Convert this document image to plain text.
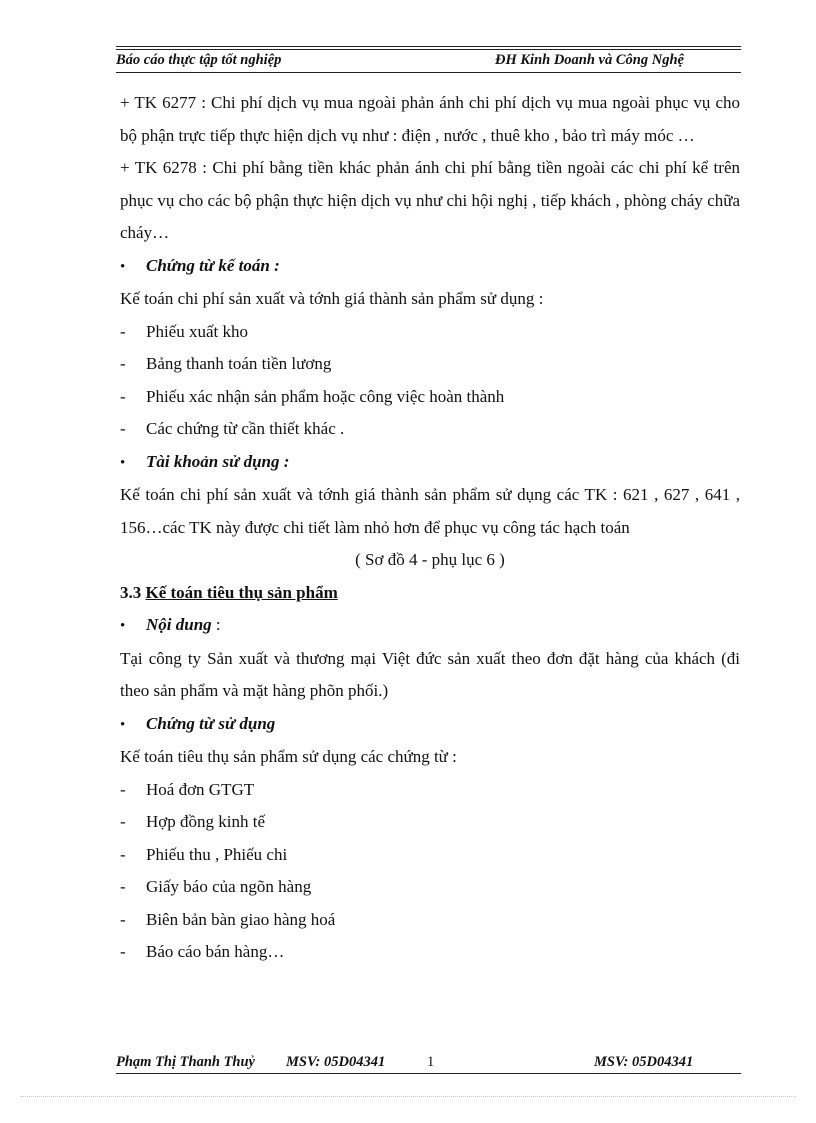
Báo cáo thực tập tốt nghiệp	ĐH Kinh Doanh và Công Nghệ

+ TK 6277 : Chi phí dịch vụ mua ngoài phản ánh chi phí dịch vụ mua ngoài phục vụ cho bộ phận trực tiếp thực hiện dịch vụ như : điện , nước , thuê kho , bảo trì máy móc …

+ TK 6278 : Chi phí bằng tiền khác phản ánh chi phí bằng tiền ngoài các chi phí kể trên phục vụ cho các bộ phận thực hiện dịch vụ như chi hội nghị , tiếp khách , phòng cháy chữa cháy…

•	Chứng từ kế toán :

Kế toán chi phí sản xuất và tớnh giá thành sản phẩm sử dụng :

-	Phiếu xuất kho

-	Bảng thanh toán tiền lương

-	Phiếu xác nhận sản phẩm hoặc công việc hoàn thành

-	Các chứng từ cần thiết khác .

•	Tài khoản sử dụng :

Kế toán chi phí sản xuất và tớnh giá thành sản phẩm sử dụng các TK : 621 , 627 , 641 , 156…các TK này được chi tiết làm nhỏ hơn để phục vụ công tác hạch toán

( Sơ đồ 4 - phụ lục 6 )

3.3 Kế toán tiêu thụ sản phẩm

•	Nội dung :

Tại công ty Sản xuất và thương mại Việt đức sản xuất theo đơn đặt hàng của khách (đi theo sản phẩm và mặt hàng phõn phối.)

•	Chứng từ sử dụng

Kế toán tiêu thụ sản phẩm sử dụng các chứng từ :

-	Hoá đơn GTGT

-	Hợp đồng kinh tế

-	Phiếu thu , Phiếu chi

-	Giấy báo của ngõn hàng

-	Biên bản bàn giao hàng hoá

-	Báo cáo bán hàng…

Phạm Thị Thanh Thuỷ MSV: 05D04341	1	MSV: 05D04341
